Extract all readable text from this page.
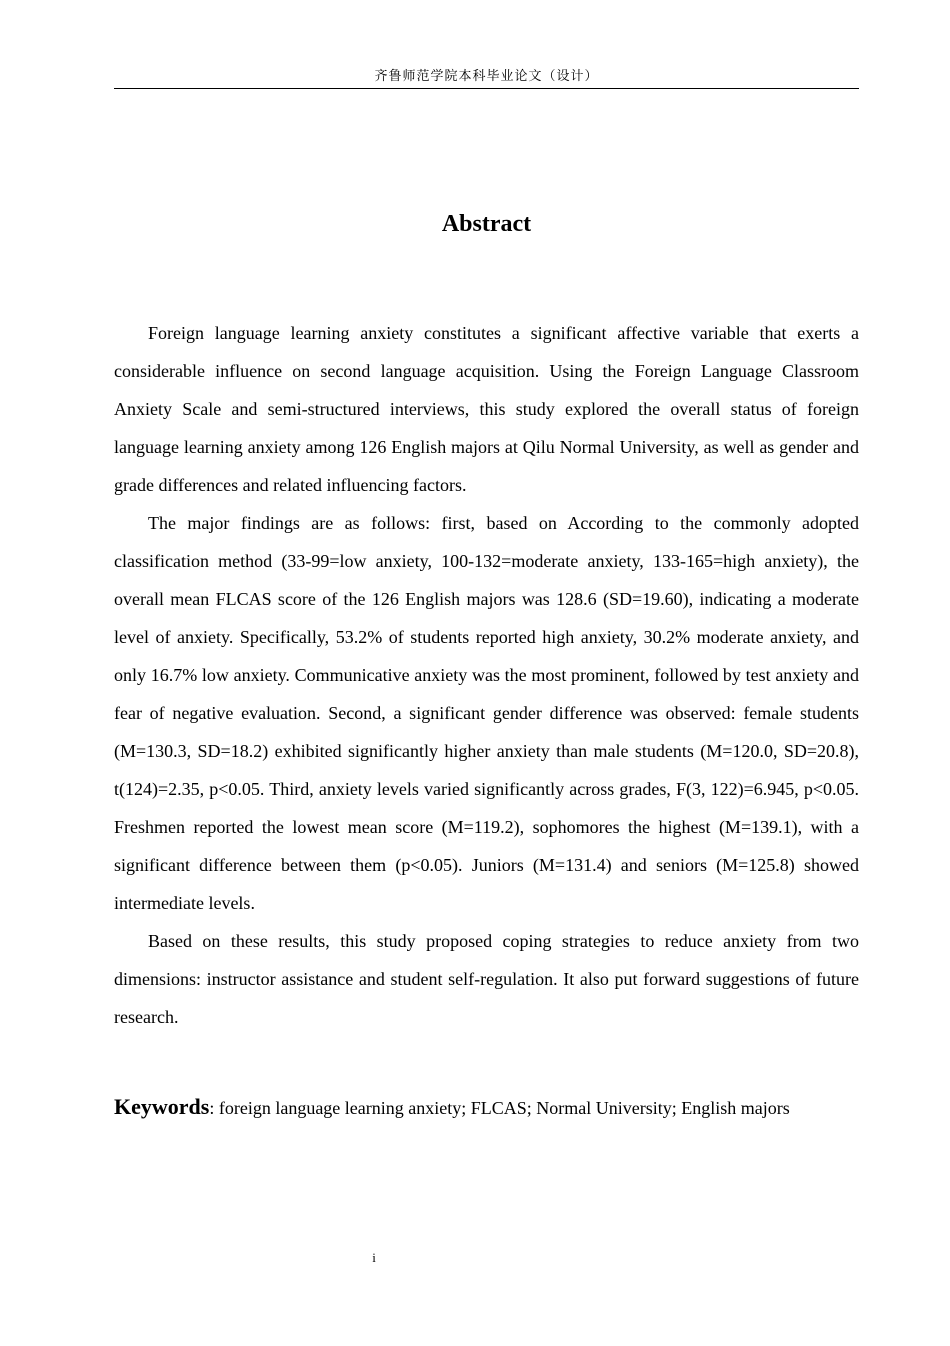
齐鲁师范学院本科毕业论文（设计）
Abstract

Foreign language learning anxiety constitutes a significant affective variable that exerts a considerable influence on second language acquisition. Using the Foreign Language Classroom Anxiety Scale and semi-structured interviews, this study explored the overall status of foreign language learning anxiety among 126 English majors at Qilu Normal University, as well as gender and grade differences and related influencing factors.

The major findings are as follows: first, based on According to the commonly adopted classification method (33-99=low anxiety, 100-132=moderate anxiety, 133-165=high anxiety), the overall mean FLCAS score of the 126 English majors was 128.6 (SD=19.60), indicating a moderate level of anxiety. Specifically, 53.2% of students reported high anxiety, 30.2% moderate anxiety, and only 16.7% low anxiety. Communicative anxiety was the most prominent, followed by test anxiety and fear of negative evaluation. Second, a significant gender difference was observed: female students (M=130.3, SD=18.2) exhibited significantly higher anxiety than male students (M=120.0, SD=20.8), t(124)=2.35, p<0.05. Third, anxiety levels varied significantly across grades, F(3, 122)=6.945, p<0.05. Freshmen reported the lowest mean score (M=119.2), sophomores the highest (M=139.1), with a significant difference between them (p<0.05). Juniors (M=131.4) and seniors (M=125.8) showed intermediate levels.

Based on these results, this study proposed coping strategies to reduce anxiety from two dimensions: instructor assistance and student self-regulation. It also put forward suggestions of future research.

Keywords: foreign language learning anxiety; FLCAS; Normal University; English majors

i
